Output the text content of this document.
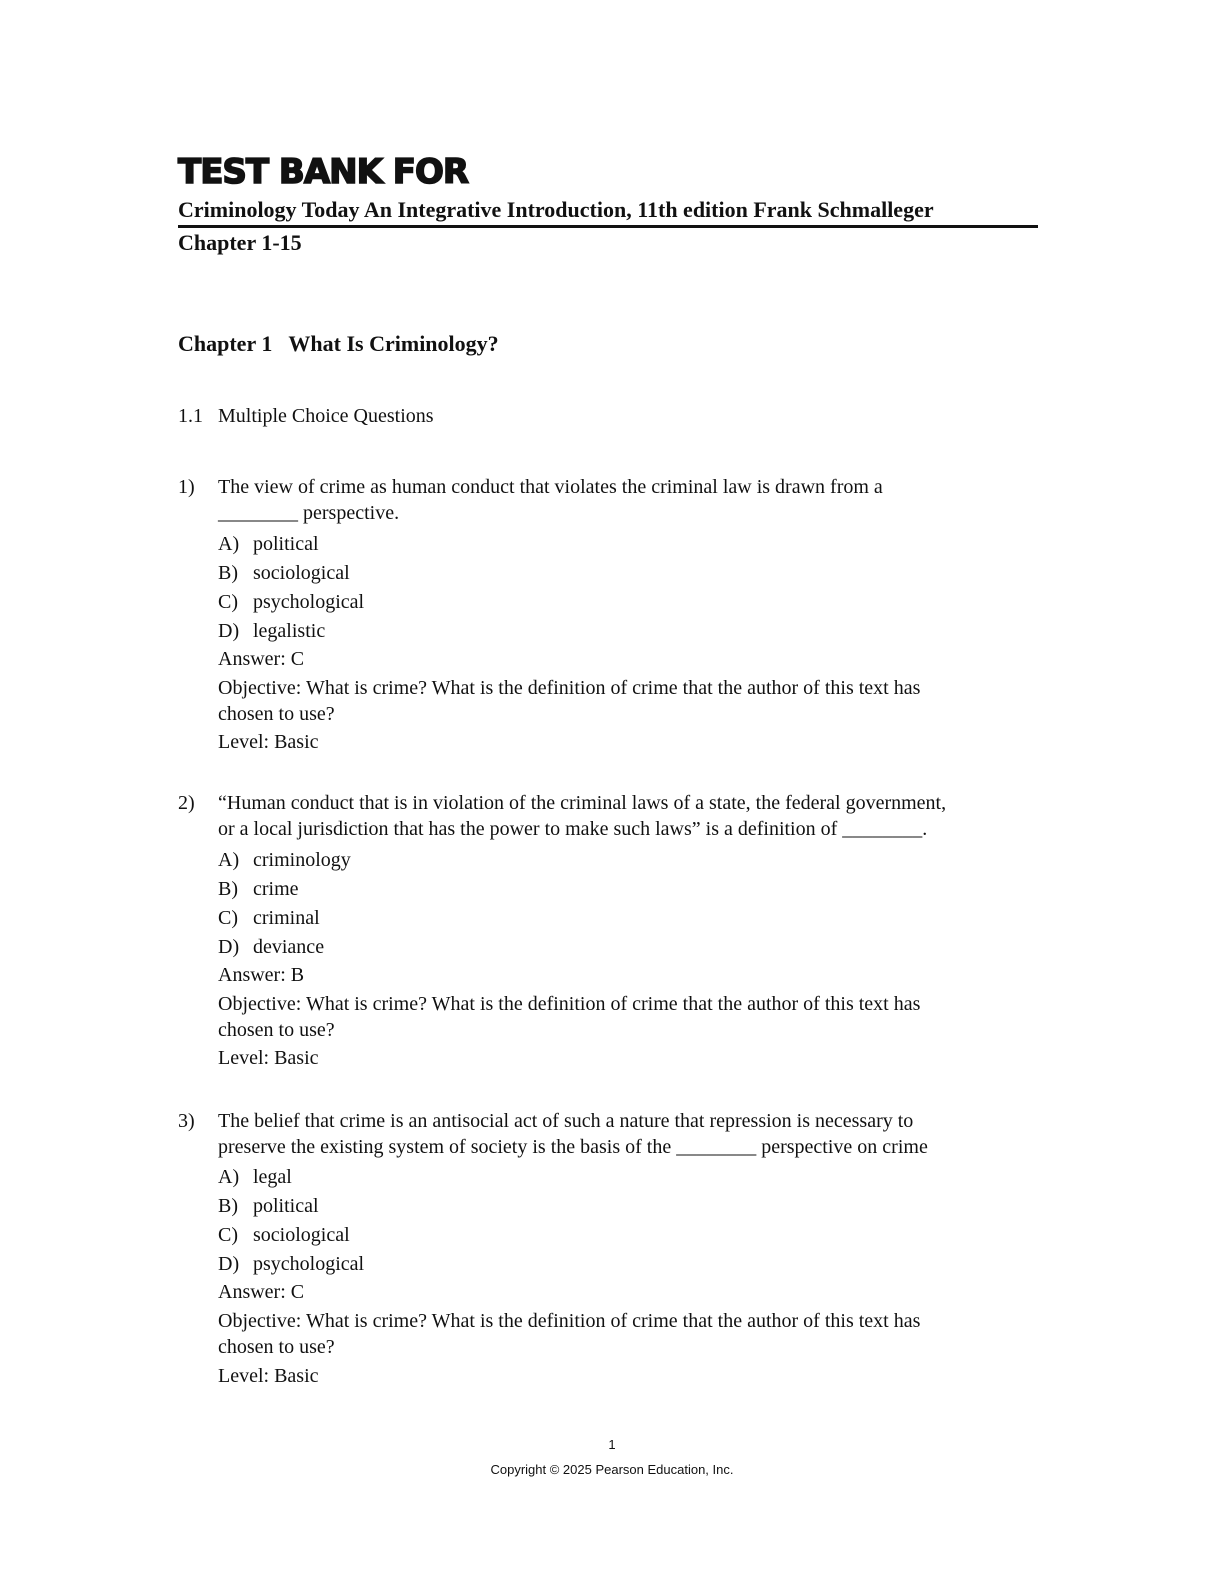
TEST BANK FOR
Criminology Today An Integrative Introduction, 11th edition Frank Schmalleger
Chapter 1-15
Chapter 1   What Is Criminology?
1.1   Multiple Choice Questions
1) The view of crime as human conduct that violates the criminal law is drawn from a
________ perspective.
A) political
B) sociological
C) psychological
D) legalistic
Answer: C
Objective: What is crime? What is the definition of crime that the author of this text has
chosen to use?
Level: Basic
2) “Human conduct that is in violation of the criminal laws of a state, the federal government,
or a local jurisdiction that has the power to make such laws” is a definition of ________.
A) criminology
B) crime
C) criminal
D) deviance
Answer: B
Objective: What is crime? What is the definition of crime that the author of this text has
chosen to use?
Level: Basic
3) The belief that crime is an antisocial act of such a nature that repression is necessary to
preserve the existing system of society is the basis of the ________ perspective on crime
A) legal
B) political
C) sociological
D) psychological
Answer: C
Objective: What is crime? What is the definition of crime that the author of this text has
chosen to use?
Level: Basic
1
Copyright © 2025 Pearson Education, Inc.
